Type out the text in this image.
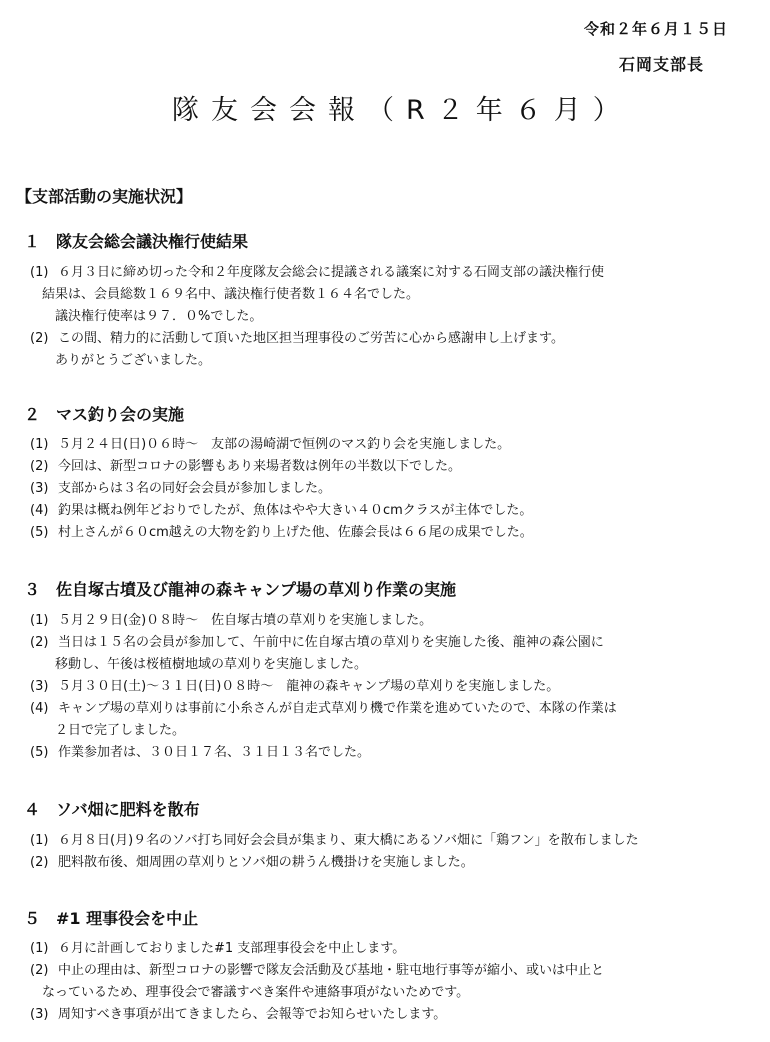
令和２年６月１５日
石岡支部長
隊友会会報（R２年６月）
【支部活動の実施状況】
１　隊友会総会議決権行使結果
(1) ６月３日に締め切った令和２年度隊友会総会に提議される議案に対する石岡支部の議決権行使
結果は、会員総数１６９名中、議決権行使者数１６４名でした。
議決権行使率は９７．０%でした。
(2) この間、精力的に活動して頂いた地区担当理事役のご労苦に心から感謝申し上げます。
ありがとうございました。
２　マス釣り会の実施
(1) ５月２４日(日)０６時～　友部の湯崎湖で恒例のマス釣り会を実施しました。
(2) 今回は、新型コロナの影響もあり来場者数は例年の半数以下でした。
(3) 支部からは３名の同好会会員が参加しました。
(4) 釣果は概ね例年どおりでしたが、魚体はやや大きい４０cmクラスが主体でした。
(5) 村上さんが６０cm越えの大物を釣り上げた他、佐藤会長は６６尾の成果でした。
３　佐自塚古墳及び龍神の森キャンプ場の草刈り作業の実施
(1) ５月２９日(金)０８時～　佐自塚古墳の草刈りを実施しました。
(2) 当日は１５名の会員が参加して、午前中に佐自塚古墳の草刈りを実施した後、龍神の森公園に
移動し、午後は桜植樹地域の草刈りを実施しました。
(3) ５月３０日(土)～３１日(日)０８時～　龍神の森キャンプ場の草刈りを実施しました。
(4) キャンプ場の草刈りは事前に小糸さんが自走式草刈り機で作業を進めていたので、本隊の作業は
２日で完了しました。
(5) 作業参加者は、３０日１７名、３１日１３名でした。
４　ソバ畑に肥料を散布
(1) ６月８日(月)９名のソバ打ち同好会会員が集まり、東大橋にあるソバ畑に「鶏フン」を散布しました
(2) 肥料散布後、畑周囲の草刈りとソバ畑の耕うん機掛けを実施しました。
５　#1 理事役会を中止
(1) ６月に計画しておりました#1 支部理事役会を中止します。
(2) 中止の理由は、新型コロナの影響で隊友会活動及び基地・駐屯地行事等が縮小、或いは中止と
なっているため、理事役会で審議すべき案件や連絡事項がないためです。
(3) 周知すべき事項が出てきましたら、会報等でお知らせいたします。
